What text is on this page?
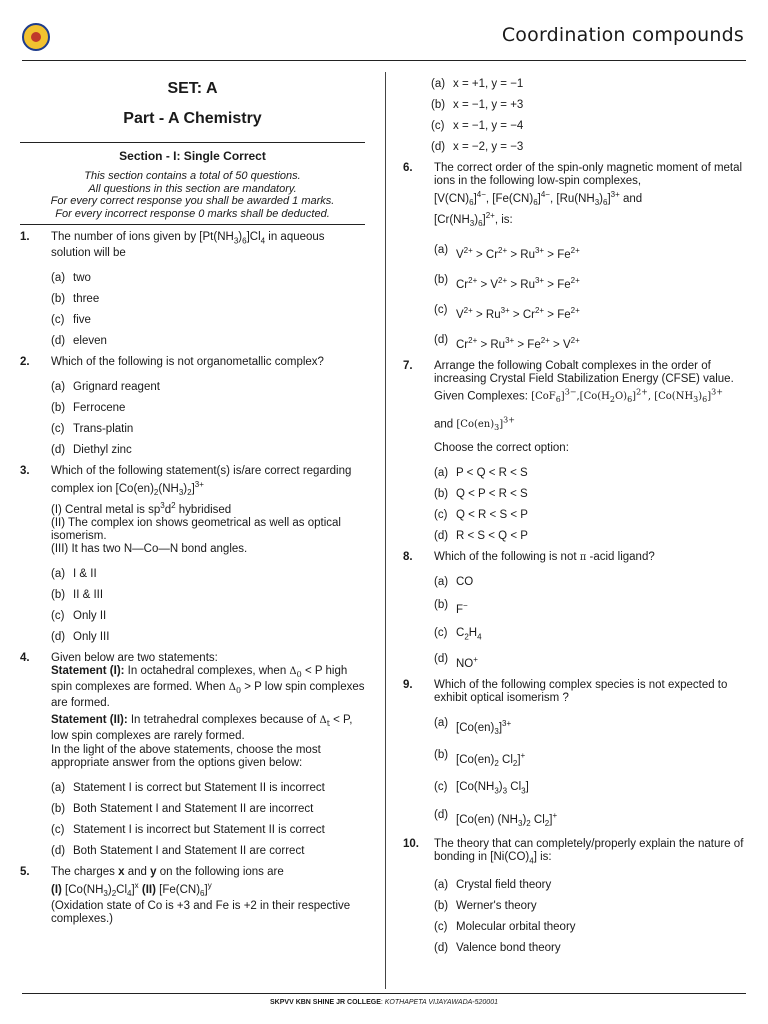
Coordination compounds
SET: A
Part - A Chemistry
Section - I: Single Correct
This section contains a total of 50 questions.
All questions in this section are mandatory.
For every correct response you shall be awarded 1 marks.
For every incorrect response 0 marks shall be deducted.
1. The number of ions given by $[Pt(NH_3)_6]Cl_4$ in aqueous solution will be
(a) two
(b) three
(c) five
(d) eleven
2. Which of the following is not organometallic complex?
(a) Grignard reagent
(b) Ferrocene
(c) Trans-platin
(d) Diethyl zinc
3. Which of the following statement(s) is/are correct regarding complex ion $[Co(en)_2(NH_3)_2]^{3+}$
(I) Central metal is $sp^3d^2$ hybridised
(II) The complex ion shows geometrical as well as optical isomerism.
(III) It has two N—Co—N bond angles.
(a) I & II
(b) II & III
(c) Only II
(d) Only III
4. Given below are two statements:
Statement (I): In octahedral complexes, when $\Delta_0 < P$ high spin complexes are formed. When $\Delta_0 > P$ low spin complexes are formed.
Statement (II): In tetrahedral complexes because of $\Delta_t < P$, low spin complexes are rarely formed.
In the light of the above statements, choose the most appropriate answer from the options given below:
(a) Statement I is correct but Statement II is incorrect
(b) Both Statement I and Statement II are incorrect
(c) Statement I is incorrect but Statement II is correct
(d) Both Statement I and Statement II are correct
5. The charges x and y on the following ions are
(I) $[Co(NH_3)_2Cl_4]^x$ (II) $[Fe(CN)_6]^y$
(Oxidation state of Co is +3 and Fe is +2 in their respective complexes.)
(a) x = +1, y = −1
(b) x = −1, y = +3
(c) x = −1, y = −4
(d) x = −2, y = −3
6. The correct order of the spin-only magnetic moment of metal ions in the following low-spin complexes,
$[V(CN)_6]^{4-}$, $[Fe(CN)_6]^{4-}$, $[Ru(NH_3)_6]^{3+}$ and
$[Cr(NH_3)_6]^{2+}$, is:
(a) $V^{2+} > Cr^{2+} > Ru^{3+} > Fe^{2+}$
(b) $Cr^{2+} > V^{2+} > Ru^{3+} > Fe^{2+}$
(c) $V^{2+} > Ru^{3+} > Cr^{2+} > Fe^{2+}$
(d) $Cr^{2+} > Ru^{3+} > Fe^{2+} > V^{2+}$
7. Arrange the following Cobalt complexes in the order of increasing Crystal Field Stabilization Energy (CFSE) value.
Given Complexes: $[CoF_6]^{3-},[Co(H_2O)_6]^{2+}$, $[Co(NH_3)_6]^{3+}$
and $[Co(en)_3]^{3+}$
Choose the correct option:
(a) P < Q < R < S
(b) Q < P < R < S
(c) Q < R < S < P
(d) R < S < Q < P
8. Which of the following is not π -acid ligand?
(a) CO
(b) F−
(c) $C_2H_4$
(d) NO+
9. Which of the following complex species is not expected to exhibit optical isomerism ?
(a) $[Co(en)_3]^{3+}$
(b) [$Co(en)_2$ $Cl_2]^+$
(c) [$Co(NH_3)_3$ $Cl_3$]
(d) [Co(en) $(NH_3)_2$ $Cl_2]^+$
10. The theory that can completely/properly explain the nature of bonding in $[Ni(CO)_4]$ is:
(a) Crystal field theory
(b) Werner's theory
(c) Molecular orbital theory
(d) Valence bond theory
SKPVV KBN SHINE JR COLLEGE: KOTHAPETA VIJAYAWADA-520001
